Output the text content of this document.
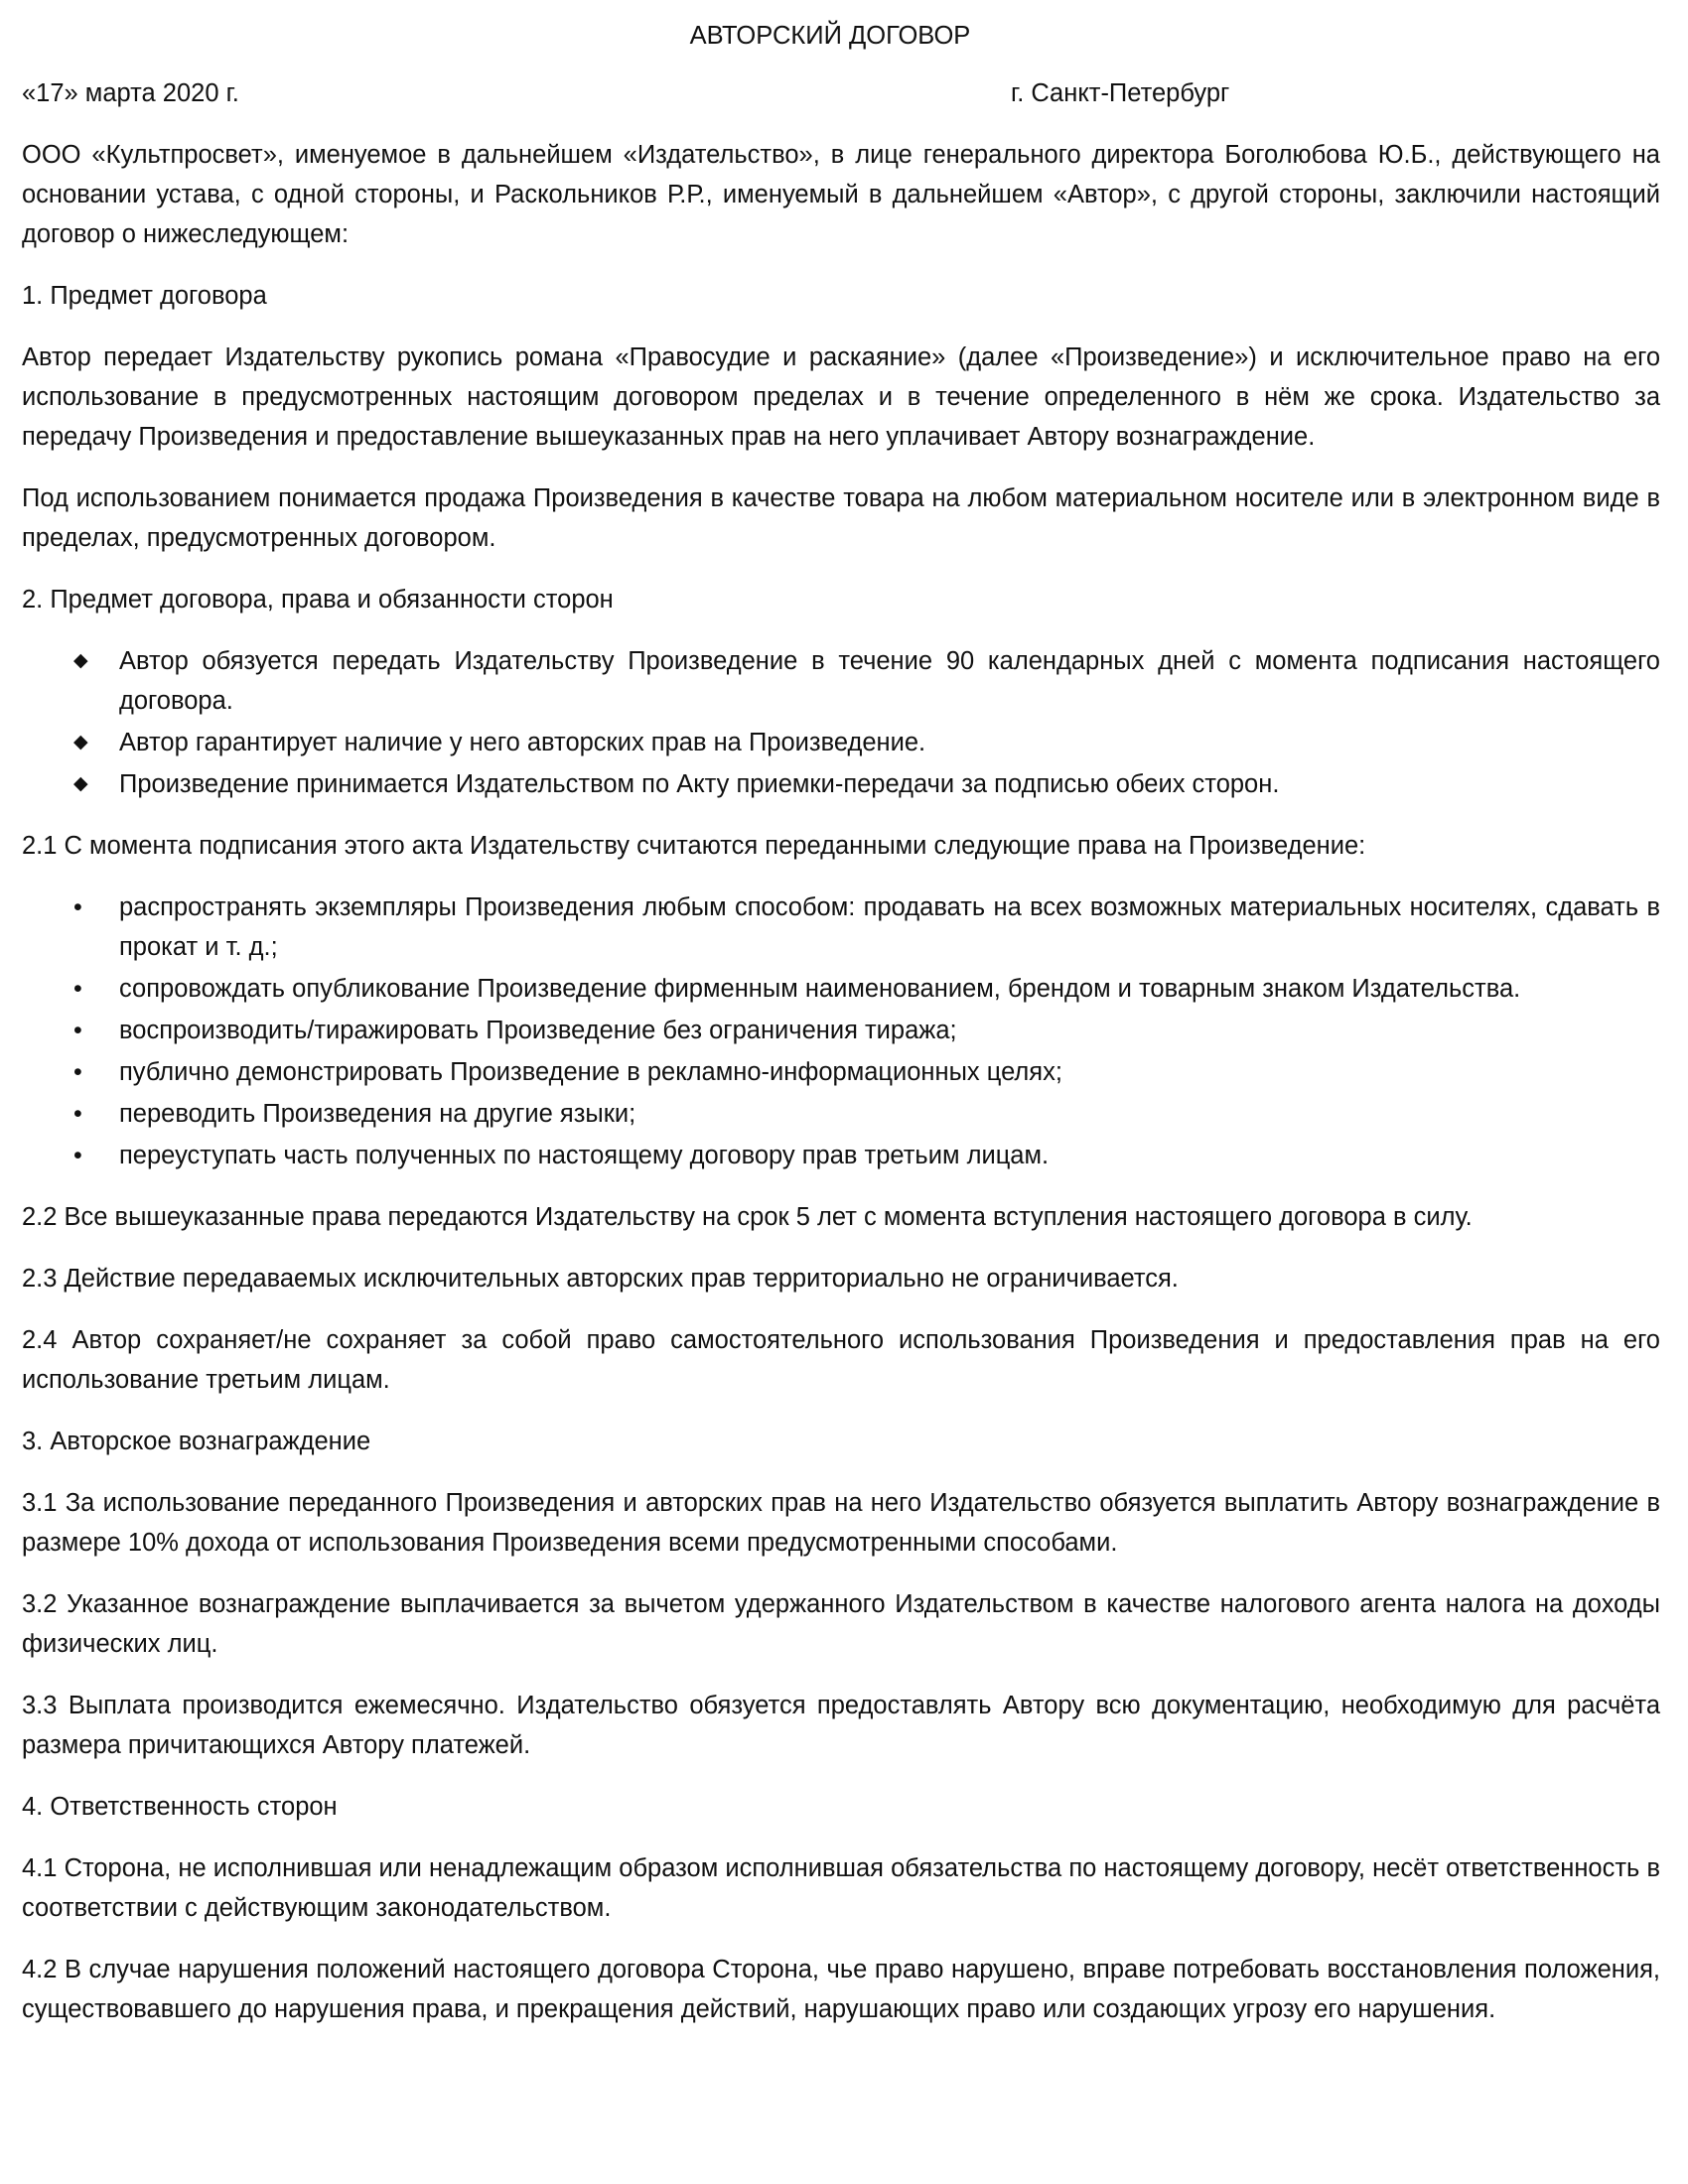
АВТОРСКИЙ ДОГОВОР
«17» марта 2020 г.	г. Санкт-Петербург

ООО «Культпросвет», именуемое в дальнейшем «Издательство», в лице генерального директора Боголюбова Ю.Б., действующего на основании устава, с одной стороны, и Раскольников Р.Р., именуемый в дальнейшем «Автор», с другой стороны, заключили настоящий договор о нижеследующем:

1. Предмет договора

Автор передает Издательству рукопись романа «Правосудие и раскаяние» (далее «Произведение») и исключительное право на его использование в предусмотренных настоящим договором пределах и в течение определенного в нём же срока. Издательство за передачу Произведения и предоставление вышеуказанных прав на него уплачивает Автору вознаграждение.

Под использованием понимается продажа Произведения в качестве товара на любом материальном носителе или в электронном виде в пределах, предусмотренных договором.

2. Предмет договора, права и обязанности сторон
◆	Автор обязуется передать Издательству Произведение в течение 90 календарных дней с момента подписания настоящего договора.
◆	Автор гарантирует наличие у него авторских прав на Произведение.
◆	Произведение принимается Издательством по Акту приемки-передачи за подписью обеих сторон.

2.1 С момента подписания этого акта Издательству считаются переданными следующие права на Произведение:

•	распространять экземпляры Произведения любым способом: продавать на всех возможных материальных носителях, сдавать в прокат и т. д.;
•	сопровождать опубликование Произведение фирменным наименованием, брендом и товарным знаком Издательства.
•	воспроизводить/тиражировать Произведение без ограничения тиража;
•	публично демонстрировать Произведение в рекламно-информационных целях;
•	переводить Произведения на другие языки;
•	переуступать часть полученных по настоящему договору прав третьим лицам.

2.2 Все вышеуказанные права передаются Издательству на срок 5 лет с момента вступления настоящего договора в силу.

2.3 Действие передаваемых исключительных авторских прав территориально не ограничивается.

2.4 Автор сохраняет/не сохраняет за собой право самостоятельного использования Произведения и предоставления прав на его использование третьим лицам.

3. Авторское вознаграждение

3.1 За использование переданного Произведения и авторских прав на него Издательство обязуется выплатить Автору вознаграждение в размере 10% дохода от использования Произведения всеми предусмотренными способами.

3.2 Указанное вознаграждение выплачивается за вычетом удержанного Издательством в качестве налогового агента налога на доходы физических лиц.

3.3 Выплата производится ежемесячно. Издательство обязуется предоставлять Автору всю документацию, необходимую для расчёта размера причитающихся Автору платежей.

4. Ответственность сторон

4.1 Сторона, не исполнившая или ненадлежащим образом исполнившая обязательства по настоящему договору, несёт ответственность в соответствии с действующим законодательством.

4.2 В случае нарушения положений настоящего договора Сторона, чье право нарушено, вправе потребовать восстановления положения, существовавшего до нарушения права, и прекращения действий, нарушающих право или создающих угрозу его нарушения.
